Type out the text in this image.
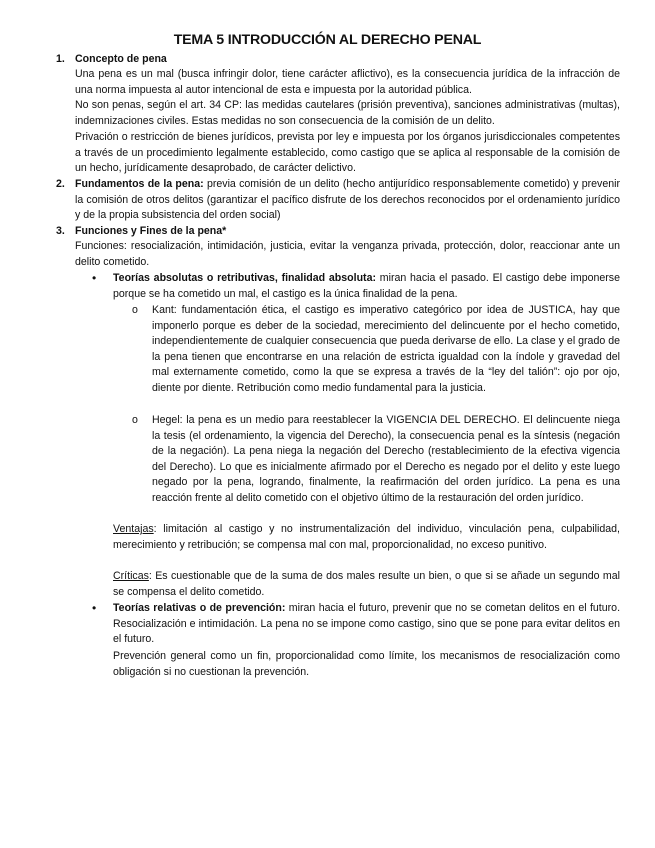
TEMA 5 INTRODUCCIÓN AL DERECHO PENAL
1. Concepto de pena

Una pena es un mal (busca infringir dolor, tiene carácter aflictivo), es la consecuencia jurídica de la infracción de una norma impuesta al autor intencional de esta e impuesta por la autoridad pública.

No son penas, según el art. 34 CP: las medidas cautelares (prisión preventiva), sanciones administrativas (multas), indemnizaciones civiles. Estas medidas no son consecuencia de la comisión de un delito.

Privación o restricción de bienes jurídicos, prevista por ley e impuesta por los órganos jurisdiccionales competentes a través de un procedimiento legalmente establecido, como castigo que se aplica al responsable de la comisión de un hecho, jurídicamente desaprobado, de carácter delictivo.

2. Fundamentos de la pena: previa comisión de un delito (hecho antijurídico responsablemente cometido) y prevenir la comisión de otros delitos (garantizar el pacífico disfrute de los derechos reconocidos por el ordenamiento jurídico y de la propia subsistencia del orden social)

3. Funciones y Fines de la pena*

Funciones: resocialización, intimidación, justicia, evitar la venganza privada, protección, dolor, reaccionar ante un delito cometido.

• Teorías absolutas o retributivas, finalidad absoluta: miran hacia el pasado. El castigo debe imponerse porque se ha cometido un mal, el castigo es la única finalidad de la pena.

o Kant: fundamentación ética, el castigo es imperativo categórico por idea de JUSTICA, hay que imponerlo porque es deber de la sociedad, merecimiento del delincuente por el hecho cometido, independientemente de cualquier consecuencia que pueda derivarse de ello. La clase y el grado de la pena tienen que encontrarse en una relación de estricta igualdad con la índole y gravedad del mal externamente cometido, como la que se expresa a través de la “ley del talión”: ojo por ojo, diente por diente. Retribución como medio fundamental para la justicia.

o Hegel: la pena es un medio para reestablecer la VIGENCIA DEL DERECHO. El delincuente niega la tesis (el ordenamiento, la vigencia del Derecho), la consecuencia penal es la síntesis (negación de la negación). La pena niega la negación del Derecho (restablecimiento de la efectiva vigencia del Derecho). Lo que es inicialmente afirmado por el Derecho es negado por el delito y este luego negado por la pena, logrando, finalmente, la reafirmación del orden jurídico. La pena es una reacción frente al delito cometido con el objetivo último de la restauración del orden jurídico.

Ventajas: limitación al castigo y no instrumentalización del individuo, vinculación pena, culpabilidad, merecimiento y retribución; se compensa mal con mal, proporcionalidad, no exceso punitivo.

Críticas: Es cuestionable que de la suma de dos males resulte un bien, o que si se añade un segundo mal se compensa el delito cometido.

• Teorías relativas o de prevención: miran hacia el futuro, prevenir que no se cometan delitos en el futuro. Resocialización e intimidación. La pena no se impone como castigo, sino que se pone para evitar delitos en el futuro.

Prevención general como un fin, proporcionalidad como límite, los mecanismos de resocialización como obligación si no cuestionan la prevención.
